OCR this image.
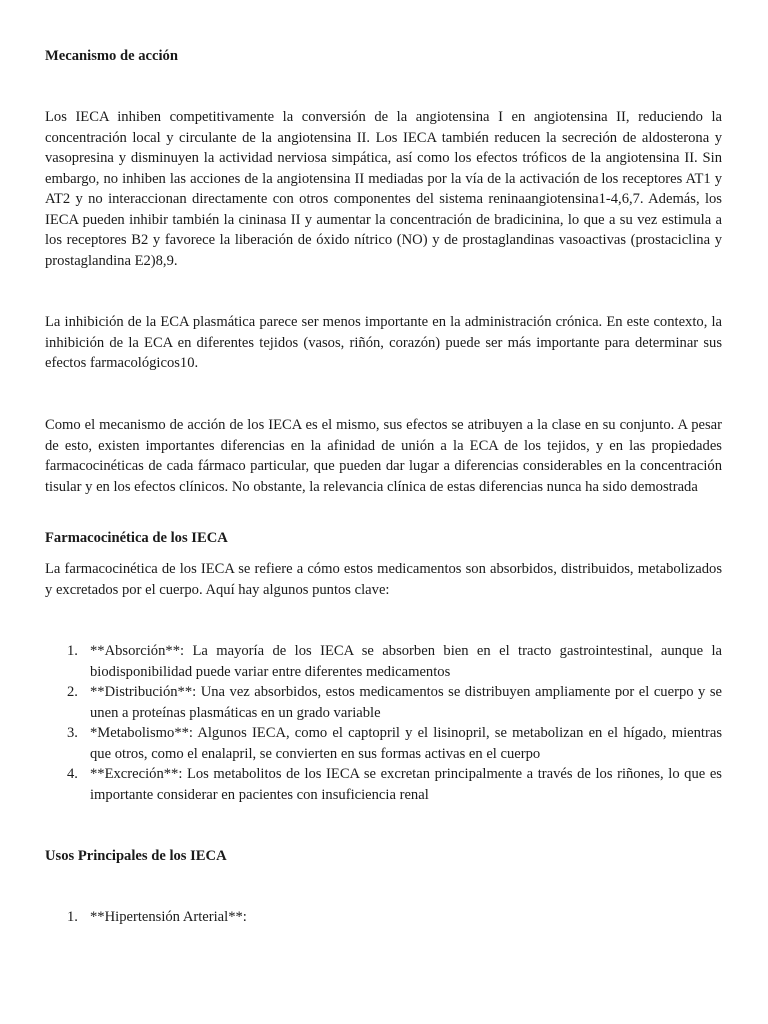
Mecanismo de acción
Los IECA inhiben competitivamente la conversión de la angiotensina I en angiotensina II, reduciendo la concentración local y circulante de la angiotensina II. Los IECA también reducen la secreción de aldosterona y vasopresina y disminuyen la actividad nerviosa simpática, así como los efectos tróficos de la angiotensina II. Sin embargo, no inhiben las acciones de la angiotensina II mediadas por la vía de la activación de los receptores AT1 y AT2 y no interaccionan directamente con otros componentes del sistema reninaangiotensina1-4,6,7. Además, los IECA pueden inhibir también la cininasa II y aumentar la concentración de bradicinina, lo que a su vez estimula a los receptores B2 y favorece la liberación de óxido nítrico (NO) y de prostaglandinas vasoactivas (prostaciclina y prostaglandina E2)8,9.
La inhibición de la ECA plasmática parece ser menos importante en la administración crónica. En este contexto, la inhibición de la ECA en diferentes tejidos (vasos, riñón, corazón) puede ser más importante para determinar sus efectos farmacológicos10.
Como el mecanismo de acción de los IECA es el mismo, sus efectos se atribuyen a la clase en su conjunto. A pesar de esto, existen importantes diferencias en la afinidad de unión a la ECA de los tejidos, y en las propiedades farmacocinéticas de cada fármaco particular, que pueden dar lugar a diferencias considerables en la concentración tisular y en los efectos clínicos. No obstante, la relevancia clínica de estas diferencias nunca ha sido demostrada
Farmacocinética de los IECA
La farmacocinética de los IECA se refiere a cómo estos medicamentos son absorbidos, distribuidos, metabolizados y excretados por el cuerpo. Aquí hay algunos puntos clave:
1. **Absorción**: La mayoría de los IECA se absorben bien en el tracto gastrointestinal, aunque la biodisponibilidad puede variar entre diferentes medicamentos
2. **Distribución**: Una vez absorbidos, estos medicamentos se distribuyen ampliamente por el cuerpo y se unen a proteínas plasmáticas en un grado variable
3. *Metabolismo**: Algunos IECA, como el captopril y el lisinopril, se metabolizan en el hígado, mientras que otros, como el enalapril, se convierten en sus formas activas en el cuerpo
4. **Excreción**: Los metabolitos de los IECA se excretan principalmente a través de los riñones, lo que es importante considerar en pacientes con insuficiencia renal
Usos Principales de los IECA
1. **Hipertensión Arterial**:
